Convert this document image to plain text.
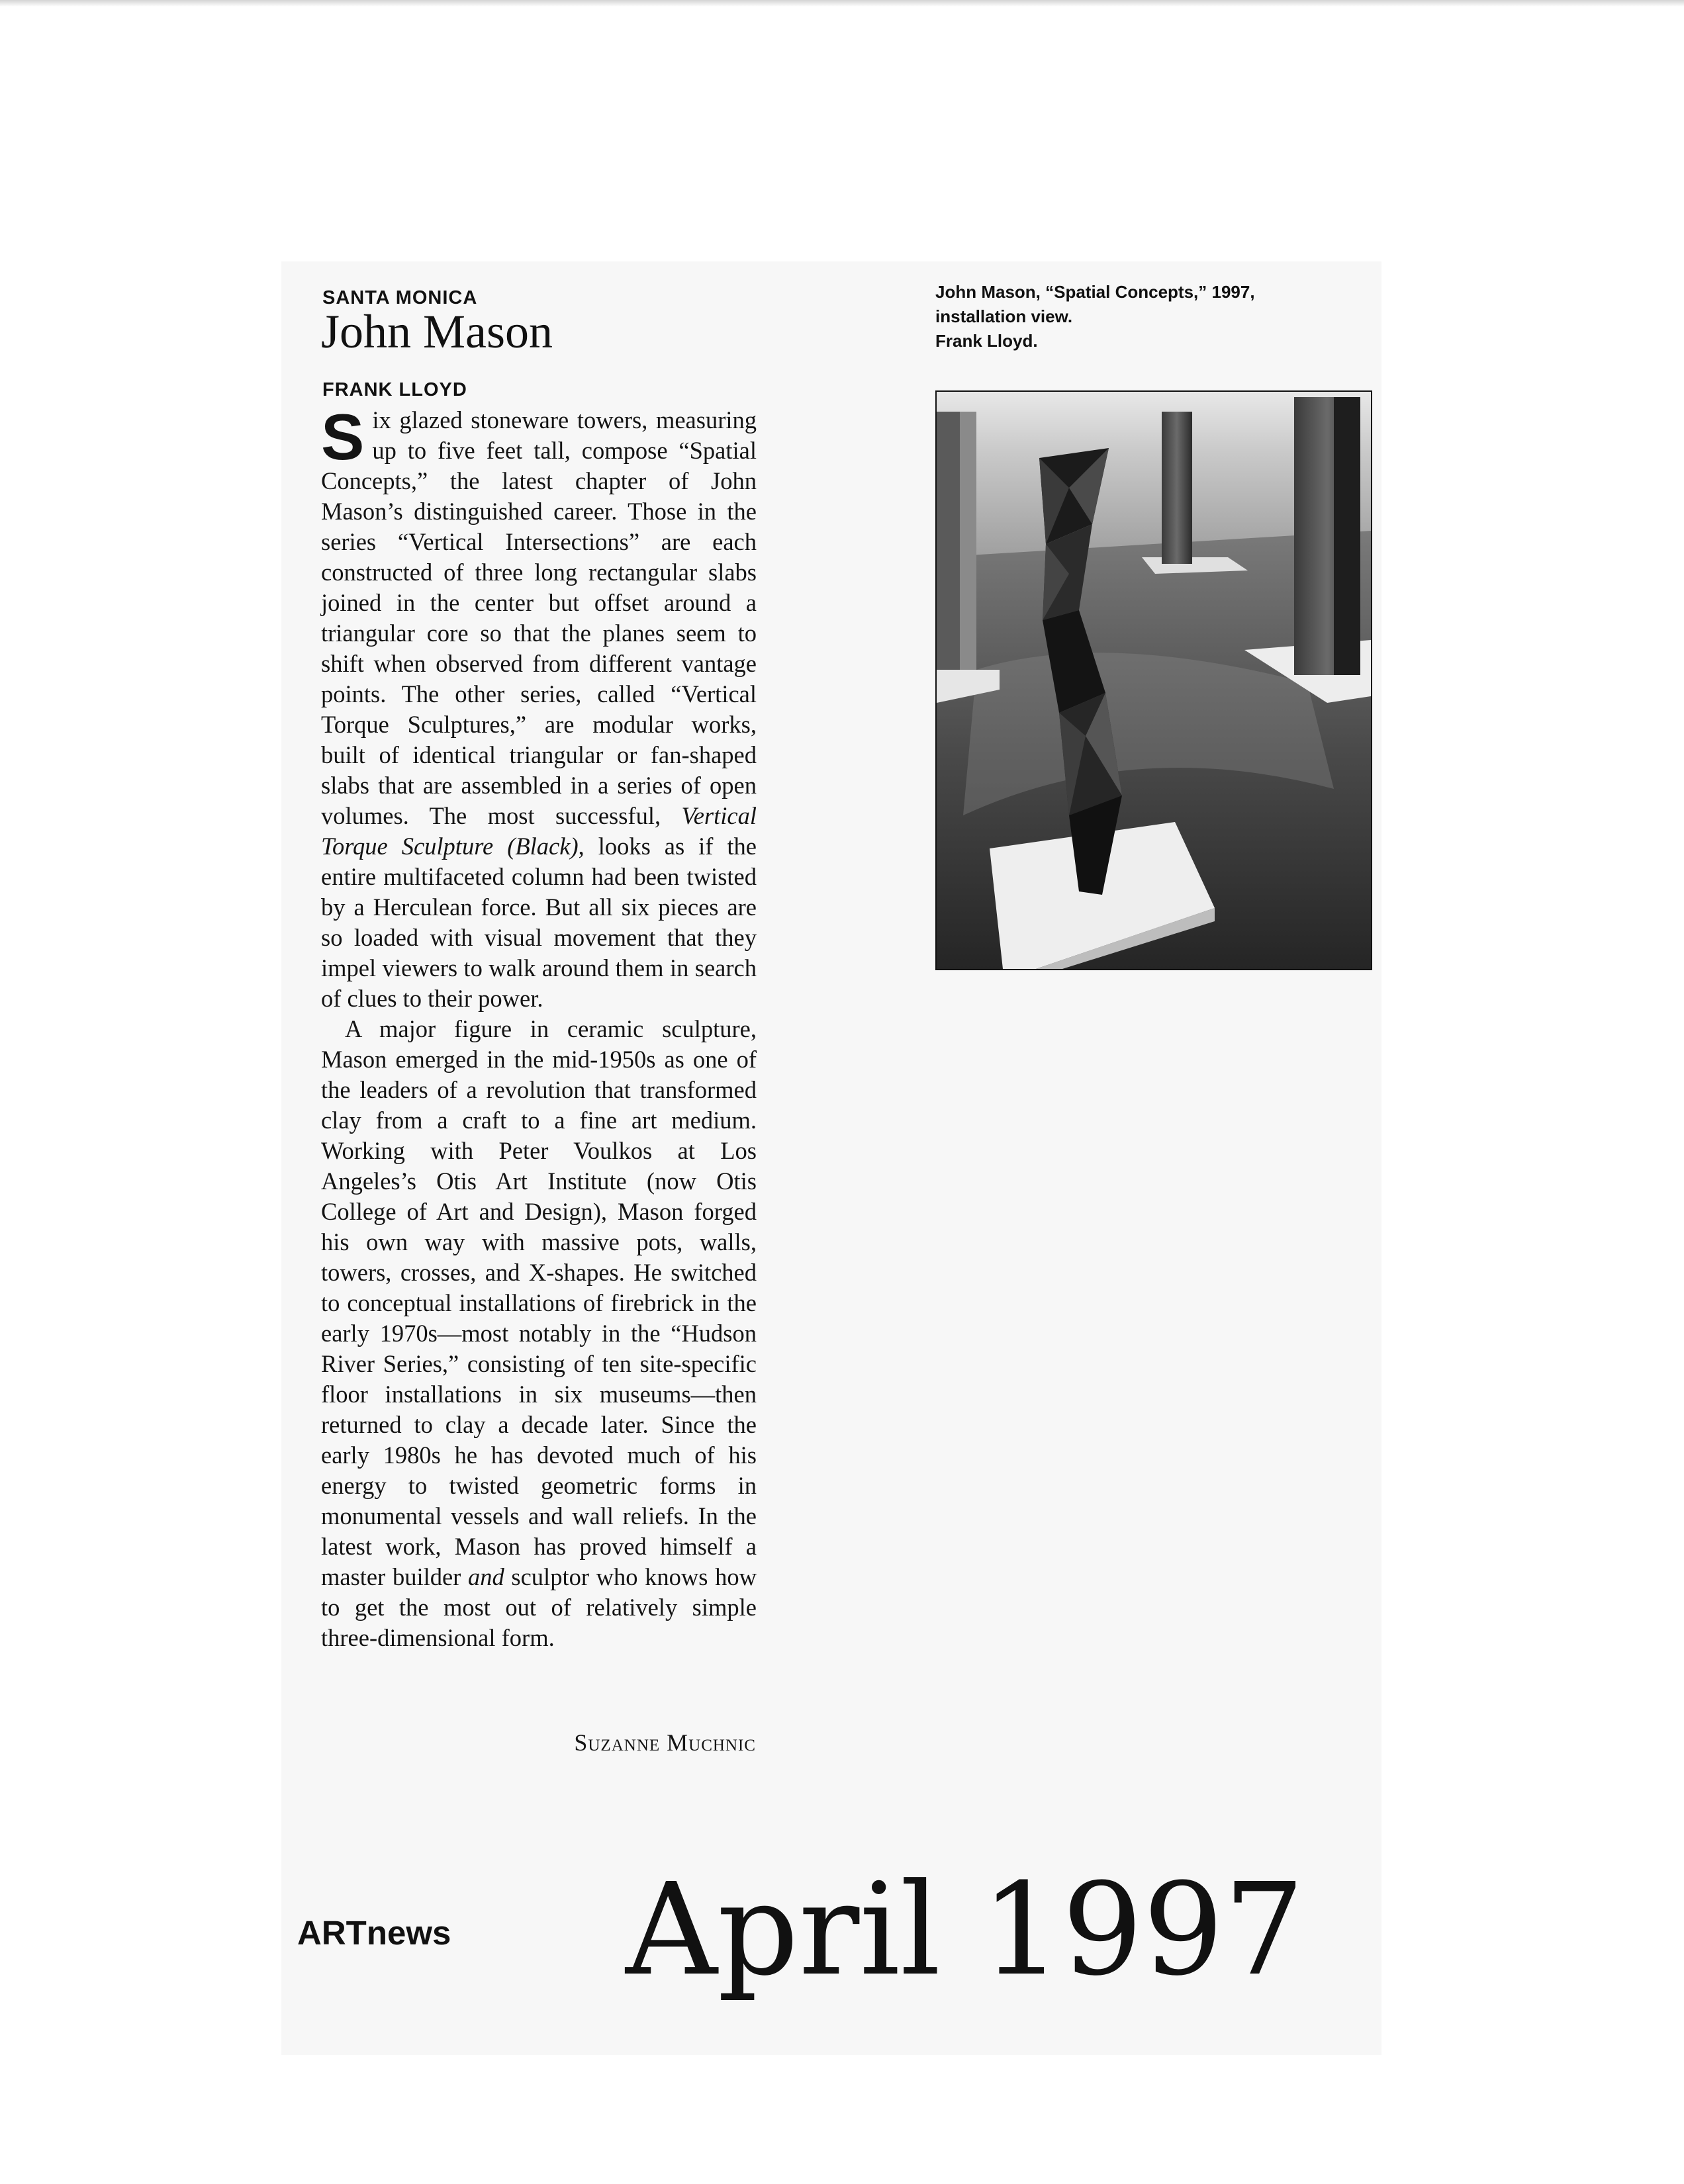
SANTA MONICA
John Mason
FRANK LLOYD

Six glazed stoneware towers, measuring up to five feet tall, compose “Spatial Concepts,” the latest chapter of John Mason’s distinguished career. Those in the series “Vertical Intersections” are each constructed of three long rectangular slabs joined in the center but offset around a triangular core so that the planes seem to shift when observed from different vantage points. The other series, called “Vertical Torque Sculptures,” are modular works, built of identical triangular or fan-shaped slabs that are assembled in a series of open volumes. The most successful, Vertical Torque Sculpture (Black), looks as if the entire multifaceted column had been twisted by a Herculean force. But all six pieces are so loaded with visual movement that they impel viewers to walk around them in search of clues to their power.

A major figure in ceramic sculpture, Mason emerged in the mid-1950s as one of the leaders of a revolution that transformed clay from a craft to a fine art medium. Working with Peter Voulkos at Los Angeles’s Otis Art Institute (now Otis College of Art and Design), Mason forged his own way with massive pots, walls, towers, crosses, and X-shapes. He switched to conceptual installations of firebrick in the early 1970s—most notably in the “Hudson River Series,” consisting of ten site-specific floor installations in six museums—then returned to clay a decade later. Since the early 1980s he has devoted much of his energy to twisted geometric forms in monumental vessels and wall reliefs. In the latest work, Mason has proved himself a master builder and sculptor who knows how to get the most out of relatively simple three-dimensional form.

Suzanne Muchnic
John Mason, “Spatial Concepts,” 1997,
installation view.
Frank Lloyd.
ARTnews April 1997
